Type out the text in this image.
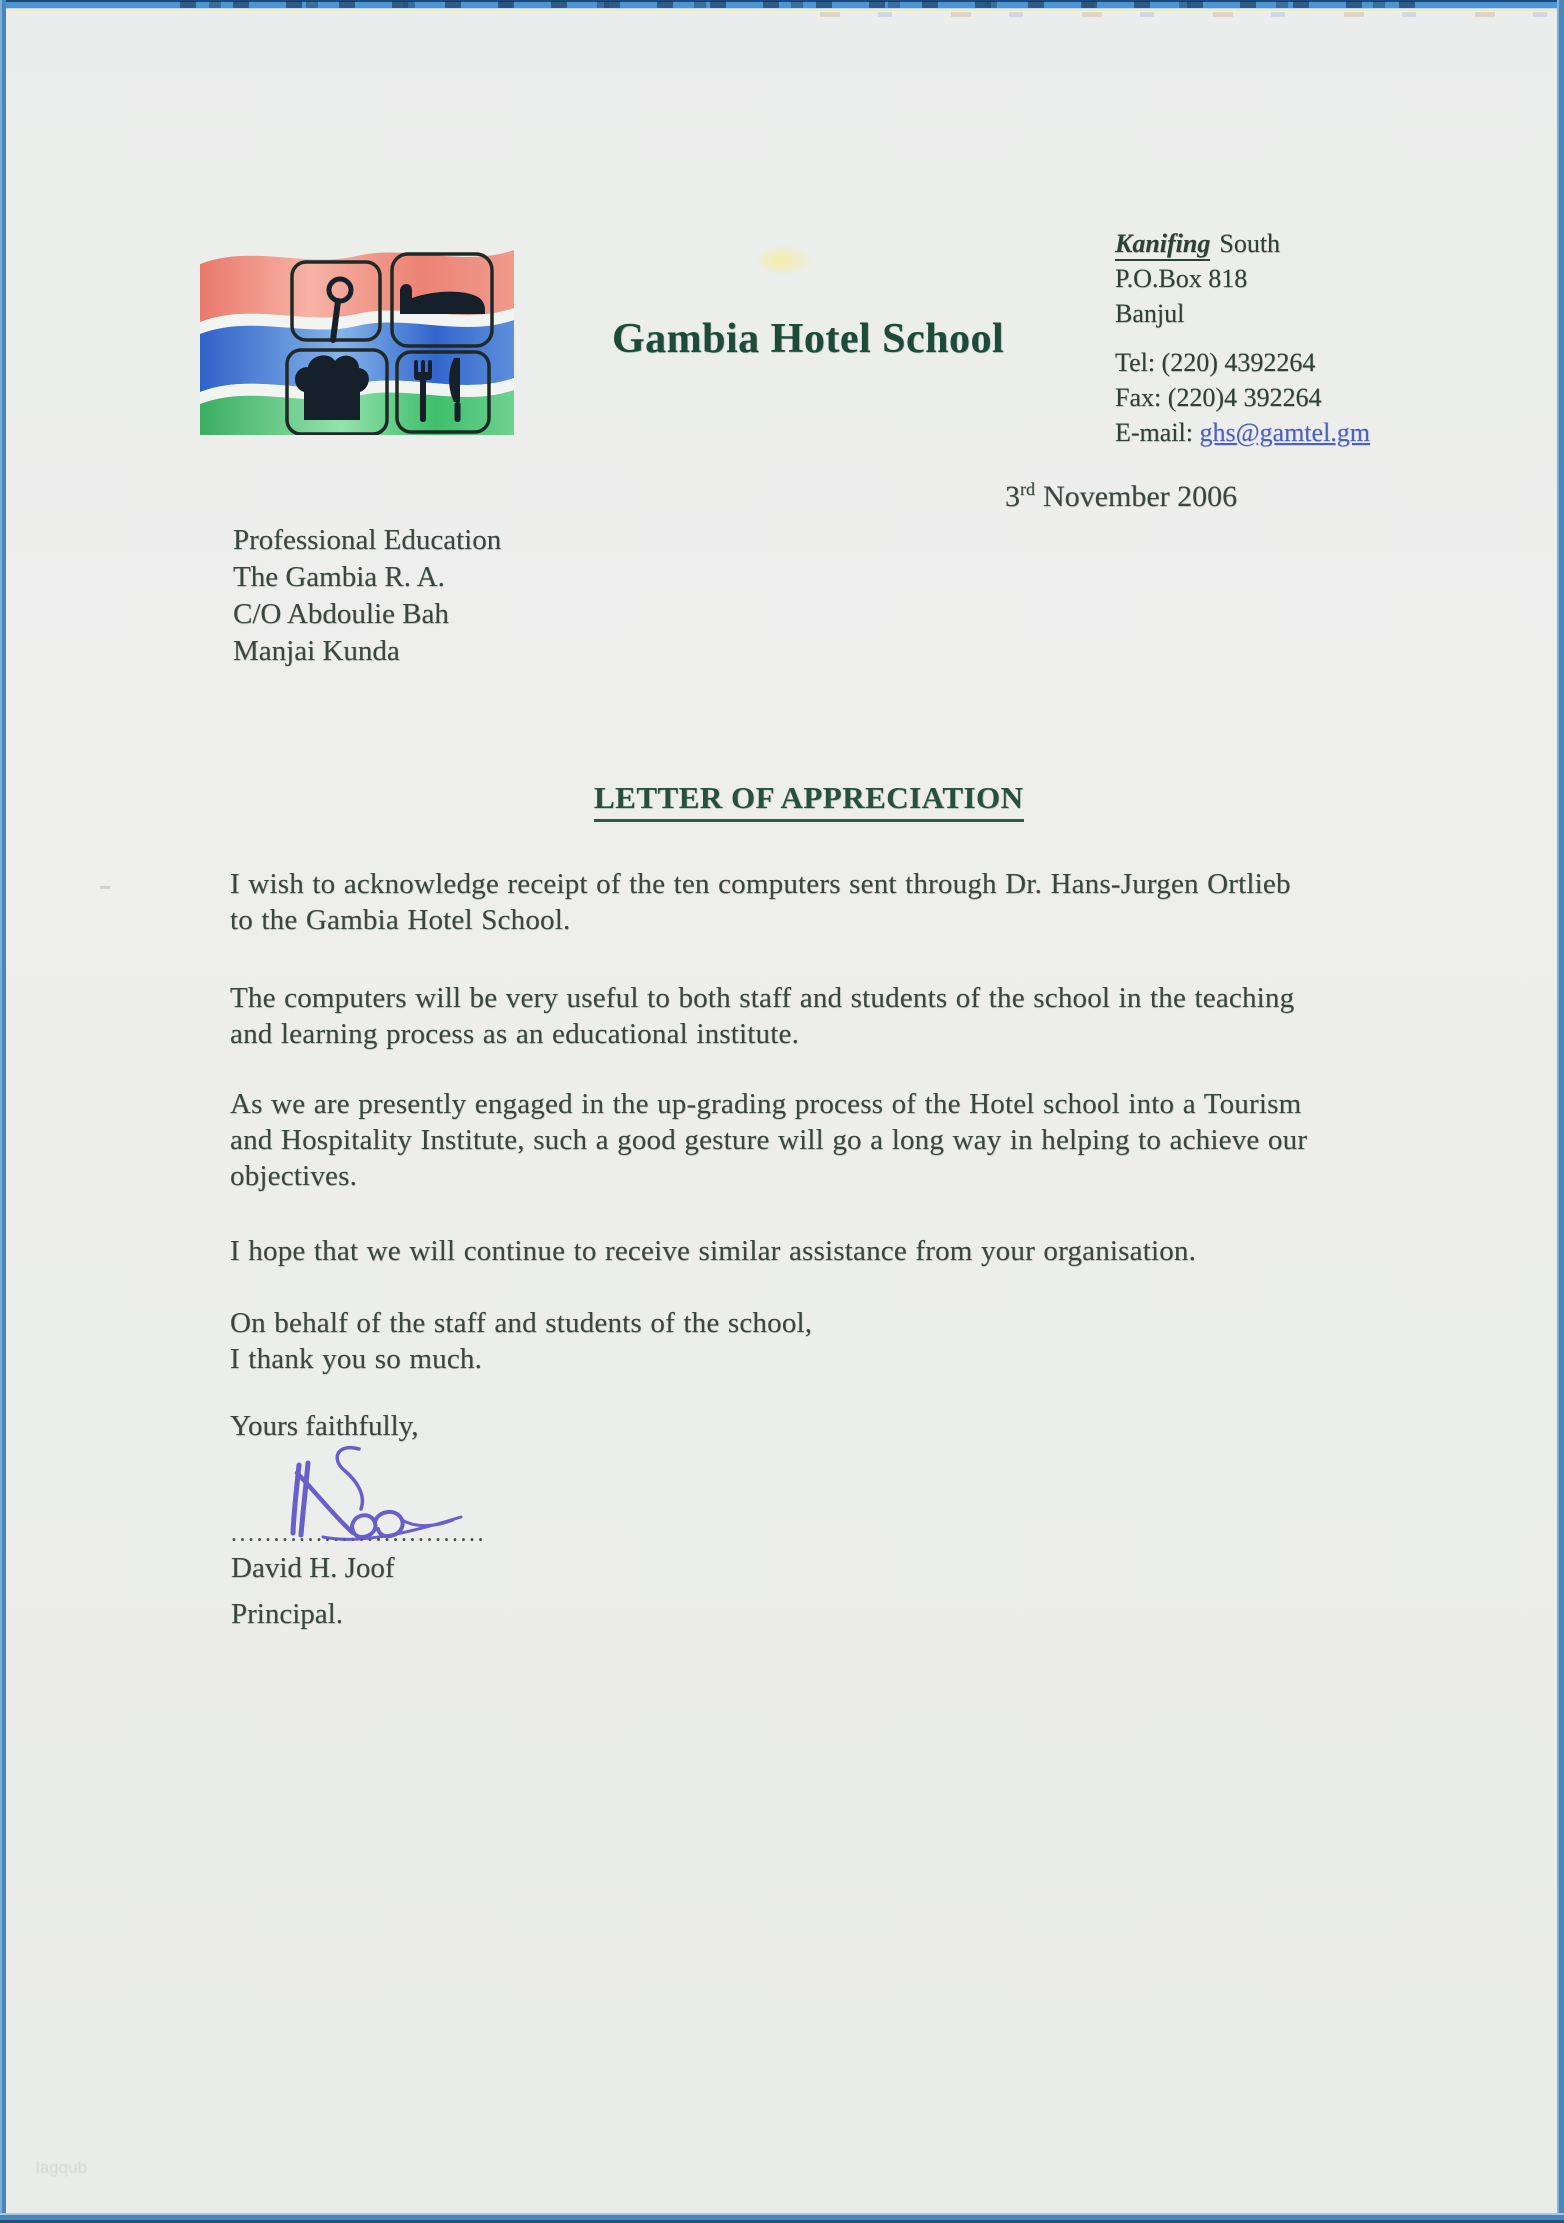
Gambia Hotel School
Kanifing South
P.O.Box 818
Banjul
Tel: (220) 4392264
Fax: (220)4 392264
E-mail: ghs@gamtel.gm
3rd November 2006
Professional Education
The Gambia R. A.
C/O Abdoulie Bah
Manjai Kunda
LETTER OF APPRECIATION
I wish to acknowledge receipt of the ten computers sent through Dr. Hans-Jurgen Ortlieb
to the Gambia Hotel School.
The computers will be very useful to both staff and students of the school in the teaching
and learning process as an educational institute.
As we are presently engaged in the up-grading process of the Hotel school into a Tourism
and Hospitality Institute, such a good gesture will go a long way in helping to achieve our
objectives.
I hope that we will continue to receive similar assistance from your organisation.
On behalf of the staff and students of the school,
I thank you so much.
Yours faithfully,
..............................
David H. Joof
Principal.
lagqub
